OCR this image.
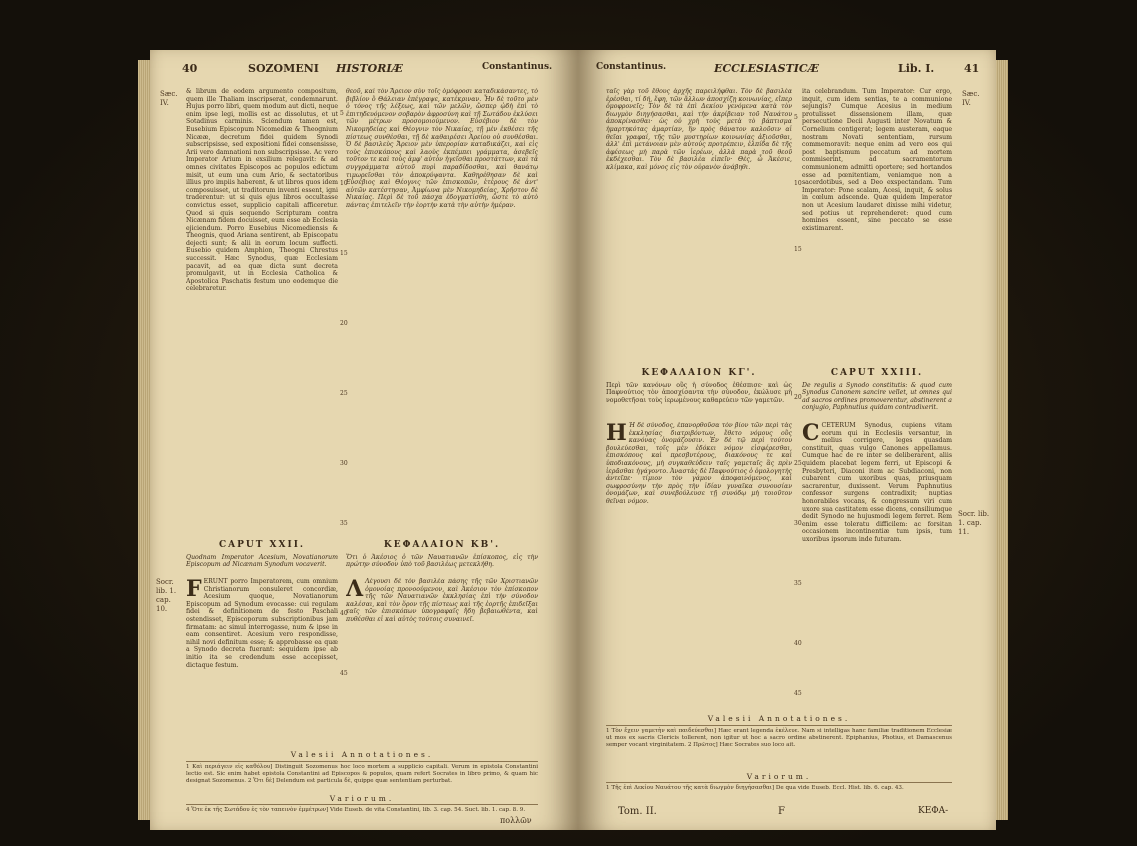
40	SOZOMENI HISTORIÆ	Constantinus.
Sæc.
IV.
& librum de eodem argumento compositum, quem ille Thaliam inscripserat, condemnarunt. Hujus porro libri, quem modum aut dicti, neque enim ipse legi, mollis est ac dissolutus, et ut Sotadinus carminis. Sciendum tamen est, Eusebium Episcopum Nicomediæ & Theognium Nicææ, decretum fidei quidem Synodi subscripsisse, sed expositioni fidei consensisse, Arii vero damnationi non subscripsisse. Ac vero Imperator Arium in exsilium relegavit: & ad omnes civitates Episcopos ac populos edictum misit, ut eum una cum Ario, & sectatoribus illius pro impiis haberent, & ut libros quos idem composuisset, ut traditorum inventi essent, igni traderentur: ut si quis ejus libros occultasse convictus esset, supplicio capitali afficeretur. Quod si quis sequendo Scripturam contra Nicænam fidem docuisset, eum esse ab Ecclesia ejiciendum. Porro Eusebius Nicomediensis & Theognis, quod Ariana sentirent, ab Episcopatu dejecti sunt; & alii in eorum locum suffecti. Eusebio quidem Amphion, Theogni Chrestus successit. Hæc Synodus, quæ Ecclesiam pacavit, ad ea quæ dicta sunt decreta promulgavit, ut in Ecclesia Catholica & Apostolica Paschatis festum uno eodemque die celebraretur.
θεοῦ, καὶ τὸν Ἄρειον σὺν τοῖς ὁμόφροσι καταδικάσαντες, τὸ βιβλίον ὃ Θάλειαν ἐπέγραψε, κατέκριναν. Ἦν δὲ τοῦτο μὲν ὁ τόνος τῆς λέξεως, καὶ τῶν μελῶν, ὥσπερ ᾠδὴ ἐπὶ τὸ ἐπιτηδευόμενον σοβαρὸν ἀφροσύνη καὶ τῇ Σωτάδου ἐκλύσει τῶν μέτρων προσομοιούμενον. Εὐσέβιον δὲ τὸν Νικομηδείας καὶ Θέογνιν τὸν Νικαίας, τῇ μὲν ἐκθέσει τῆς πίστεως συνθέσθαι, τῇ δὲ καθαιρέσει Ἀρείου οὐ συνθέσθαι. Ὁ δὲ βασιλεὺς Ἄρειον μὲν ὑπερορίαν καταδικάζει, καὶ εἰς τοὺς ἐπισκόπους καὶ λαοὺς ἐκπέμπει γράμματα, ἀσεβεῖς τοῦτον τε καὶ τοὺς ἀμφ' αὐτὸν ἡγεῖσθαι προστάττων, καὶ τὰ συγγράμματα αὐτοῦ πυρὶ παραδίδοσθαι, καὶ θανάτῳ τιμωρεῖσθαι τὸν ἀποκρύψαντα. Καθῃρέθησαν δὲ καὶ Εὐσέβιος καὶ Θέογνις τῶν ἐπισκοπῶν, ἑτέρους δὲ ἀντ' αὐτῶν κατέστησαν, Ἀμφίωνα μὲν Νικομηδείας, Χρῆστον δὲ Νικαίας. Περὶ δὲ τοῦ πάσχα ἐδογματίσθη, ὥστε τὸ αὐτὸ πάντας ἐπιτελεῖν τὴν ἑορτὴν κατὰ τὴν αὐτὴν ἡμέραν.
5
10
15
20
25
30
35
CAPUT XXII.	ΚΕΦΑΛΑΙΟΝ ΚΒ'.
Quodnam Imperator Acesium, Novatianorum Episcopum ad Nicænam Synodum vocaverit.
Ὅτι ὁ Ἀκέσιος ὁ τῶν Ναυατιανῶν ἐπίσκοπος, εἰς τὴν πρώτην σύνοδον ὑπὸ τοῦ βασιλέως μετεκλήθη.
Socr. lib. 1. cap. 10.
FERUNT porro Imperatorem, cum omnium Christianorum consuleret concordiæ, Acesium quoque, Novatianorum Episcopum ad Synodum evocasse: cui regulam fidei & definitionem de festo Paschali ostendisset, Episcoporum subscriptionibus jam firmatam: ac simul interrogasse, num & ipse in eam consentiret. Acesium vero respondisse, nihil novi definitum esse; & approbasse ea quæ a Synodo decreta fuerant: sequidem ipse ab initio ita se credendum esse accepisset, dictaque festum.
Λ Λέγουσι δὲ τὸν βασιλέα πάσης τῆς τῶν Χριστιανῶν ὁμονοίας προνοούμενον, καὶ Ἀκέσιον τὸν ἐπίσκοπον τῆς τῶν Ναυατιανῶν ἐκκλησίας ἐπὶ τὴν σύνοδον καλέσαι, καὶ τὸν ὅρον τῆς πίστεως καὶ τῆς ἑορτῆς ἐπιδεῖξαι ταῖς τῶν ἐπισκόπων ὑπογραφαῖς ἤδη βεβαιωθέντα, καὶ πυθέσθαι εἰ καὶ αὐτὸς τούτοις συναινεῖ.
40
45
Valesii Annotationes.
1 Καὶ περιάγειν εἰς καθόλου] Distinguit Sozomenus hoc loco mortem a supplicio capitali. Verum in epistola Constantini lectio est. Sic enim habet epistola Constantini ad Episcopos & populos, quam refert Socrates in libro primo, & quam hic designat Sozomenus. 2 Ὅτι δὲ] Delendum est particula δὲ, quippe quæ sententiam perturbat.
Variorum.
4 Ὅτε ἐκ τῆς Σωτάδου ἐς τὸν ταπεινὸν ἐμμέτρων] Vide Euseb. de vita Constantini, lib. 3. cap. 54. Suct. lib. 1. cap. 8. 9.
πολλῶν
Constantinus.	ECCLESIASTICÆ	Lib. I.	41
Sæc.
IV.
ταῖς γὰρ τοῦ ἔθους ἀρχῆς παρειλήφθαι. Τὸν δὲ βασιλέα ἐρέσθαι, τί δή, ἔφη, τῶν ἄλλων ἀποσχίζῃ κοινωνίας, εἴπερ ὁμοφρονεῖς; Τὸν δὲ τὰ ἐπὶ Δεκίου γενόμενα κατὰ τὸν διωγμὸν διηγήσασθαι, καὶ τὴν ἀκρίβειαν τοῦ Ναυάτου ἀποκρίνασθαι· ὡς οὐ χρὴ τοὺς μετὰ τὸ βάπτισμα ἡμαρτηκότας ἁμαρτίαν, ἣν πρὸς θάνατον καλοῦσιν αἱ θεῖαι γραφαί, τῆς τῶν μυστηρίων κοινωνίας ἀξιοῦσθαι, ἀλλ' ἐπὶ μετάνοιαν μὲν αὐτοὺς προτρέπειν, ἐλπίδα δὲ τῆς ἀφέσεως μὴ παρὰ τῶν ἱερέων, ἀλλὰ παρὰ τοῦ θεοῦ ἐκδέχεσθαι. Τὸν δὲ βασιλέα εἰπεῖν· Θὲς, ὦ Ἀκέσιε, κλίμακα, καὶ μόνος εἰς τὸν οὐρανὸν ἀνάβηθι.
ita celebrandum. Tum Imperator: Cur ergo, inquit, cum idem sentias, te a communione sejungis? Cumque Acesius in medium protulisset dissensionem illam, quæ persecutione Decii Augusti inter Novatum & Cornelium contigerat; legem austeram, eaque nostram Novati sententiam, rursum commemoravit: neque enim ad vero eos qui post baptismum peccatum ad mortem commiserint, ad sacramentorum communionem admitti oportere; sed hortandos esse ad pœnitentiam, veniamque non a sacerdotibus, sed a Deo exspectandam. Tum Imperator: Pone scalam, Acesi, inquit, & solus in cœlum adscende. Quæ quidem Imperator non ut Acesium laudaret dixisse mihi videtur, sed potius ut reprehenderet: quod cum homines essent, sine peccato se esse existimarent.
5
10
15
ΚΕΦΑΛΑΙΟΝ ΚΓ'.	CAPUT XXIII.
Περὶ τῶν κανόνων οὓς ἡ σύνοδος ἐθέσπισε· καὶ ὡς Παφνούτιος τὸν ἀποσχίσαντα τὴν σύνοδον, ἐκώλυσε μὴ νομοθετῆσαι τοὺς ἱερωμένους καθαρεύειν τῶν γαμετῶν.
De regulis a Synodo constitutis: & quod cum Synodus Canonem sancire vellet, ut omnes qui ad sacros ordines promoverentur, abstinerent a conjugio, Paphnutius quidam contradixerit.
20
Η Ἡ δὲ σύνοδος, ἐπανορθοῦσα τὸν βίον τῶν περὶ τὰς ἐκκλησίας διατριβόντων, ἔθετο νόμους οὓς κανόνας ὀνομάζουσιν. Ἐν δὲ τῷ περὶ τούτου βουλεύεσθαι, τοῖς μὲν ἐδόκει νόμον εἰσφέρεσθαι, ἐπισκόπους καὶ πρεσβυτέρους, διακόνους τε καὶ ὑποδιακόνους, μὴ συγκαθεύδειν ταῖς γαμεταῖς ἃς πρὶν ἱερᾶσθαι ἠγάγοντο. Ἀναστὰς δὲ Παφνούτιος ὁ ὁμολογητὴς ἀντεῖπε· τίμιον τὸν γάμον ἀποφαινόμενος, καὶ σωφροσύνην τὴν πρὸς τὴν ἰδίαν γυναῖκα συνουσίαν ὀνομάζων, καὶ συνεβούλευσε τῇ συνόδῳ μὴ τοιοῦτον θεῖναι νόμον.
CCETERUM Synodus, cupiens vitam eorum qui in Ecclesiis versantur, in melius corrigere, leges quasdam constituit, quas vulgo Canones appellamus. Cumque hac de re inter se deliberarent, aliis quidem placebat legem ferri, ut Episcopi & Presbyteri, Diaconi item ac Subdiaconi, non cubarent cum uxoribus quas, priusquam sacrarentur, duxissent. Verum Paphnutius confessor surgens contradixit; nuptias honorabiles vocans, & congressum viri cum uxore sua castitatem esse dicens, consiliumque dedit Synodo ne hujusmodi legem ferret. Rem enim esse toleratu difficilem: ac forsitan occasionem incontinentiæ tum ipsis, tum uxoribus ipsorum inde futuram.
Socr. lib. 1. cap. 11.
25
30
35
40
45
Valesii Annotationes.
1 Τὸν ἔχειν γαμετὴν καὶ παιδεύεσθαι] Hæc erant legenda ἐκέλευε. Nam si intelligas hanc familiæ traditionem Ecclesiæ ut mos ex sacris Clericis tollerent, non igitur ut hoc a sacro ordine abstinerent. Epiphanius, Photius, et Damascenus semper vocant virginitatem. 2 Πρῶτος] Hæc Socrates suo loco ait.
Variorum.
1 Τῆς ἐπὶ Δεκίου Ναυάτου τῆς κατὰ διωγμὸν διηγήσασθαι] De qua vide Euseb. Eccl. Hist. lib. 6. cap. 43.
Tom. II.	F	ΚΕΦΑ-
